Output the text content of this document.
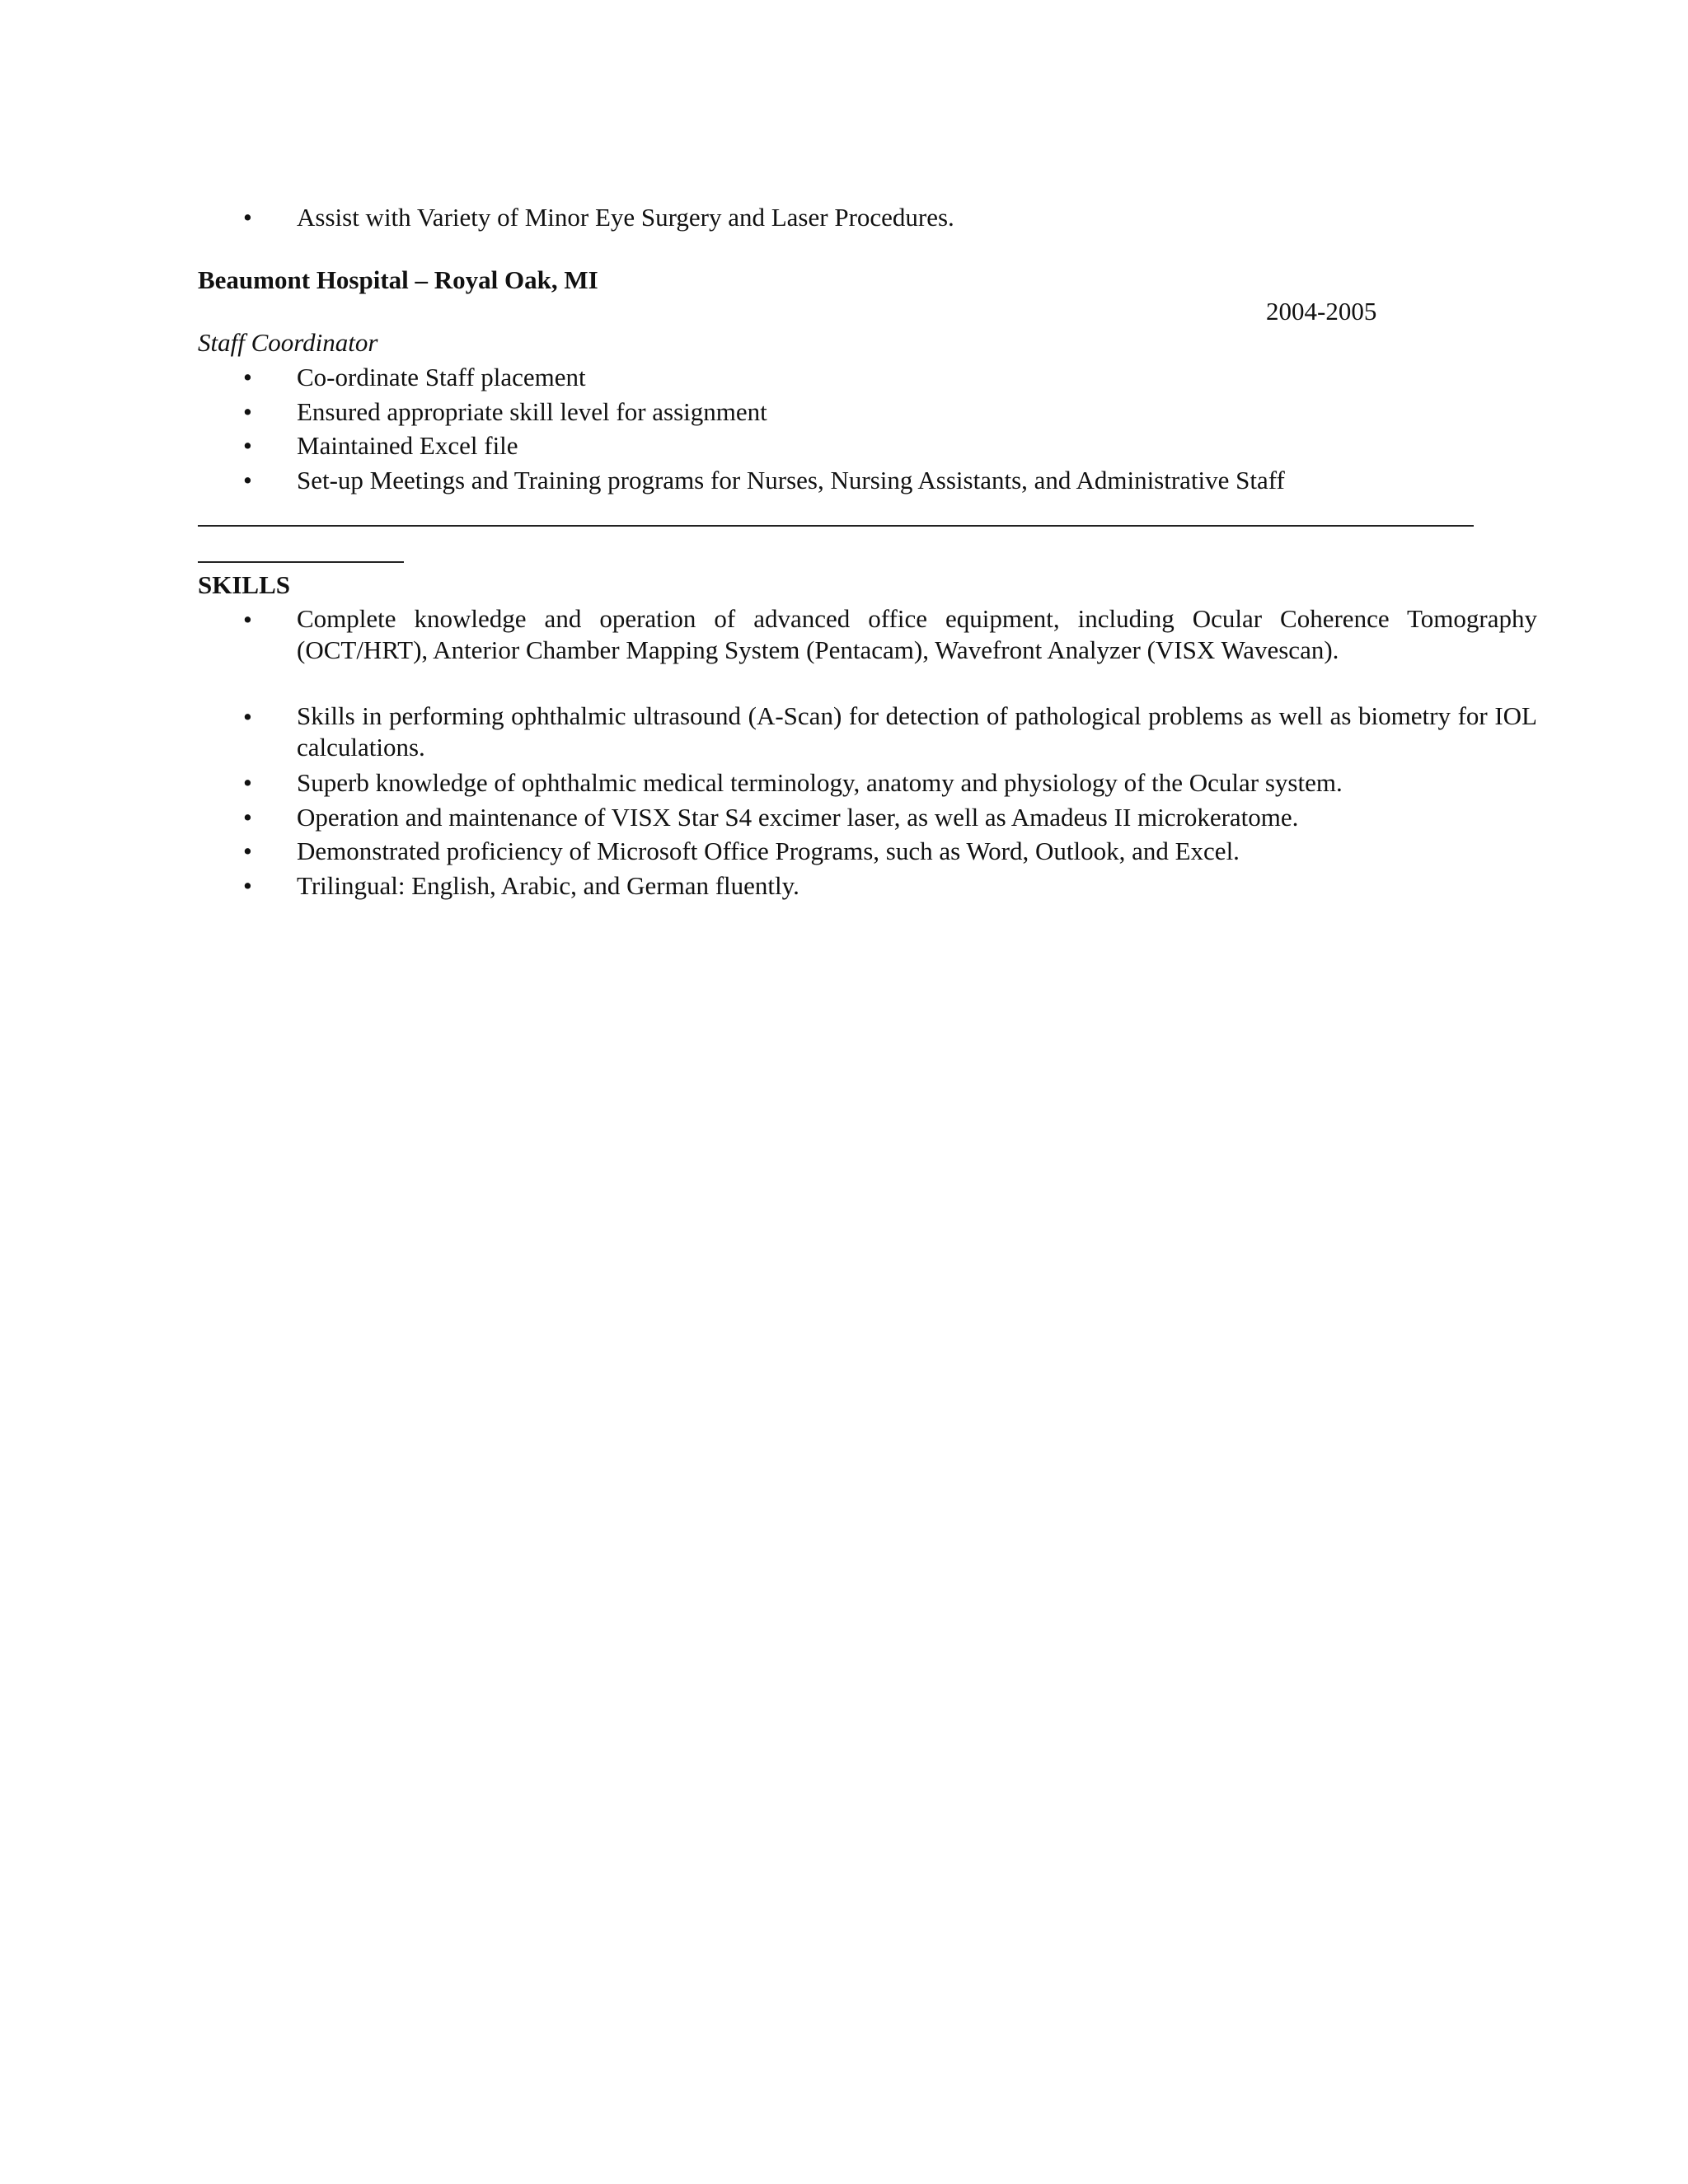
•	Assist with Variety of Minor Eye Surgery and Laser Procedures.
Beaumont Hospital – Royal Oak, MI
2004-2005
Staff Coordinator
•	Co-ordinate Staff placement
•	Ensured appropriate skill level for assignment
•	Maintained Excel file
•	Set-up Meetings and Training programs for Nurses, Nursing Assistants, and Administrative Staff
SKILLS
•	Complete knowledge and operation of advanced office equipment, including Ocular Coherence Tomography (OCT/HRT), Anterior Chamber Mapping System (Pentacam), Wavefront Analyzer (VISX Wavescan).
•	Skills in performing ophthalmic ultrasound (A-Scan) for detection of pathological problems as well as biometry for IOL calculations.
•	Superb knowledge of ophthalmic medical terminology, anatomy and physiology of the Ocular system.
•	Operation and maintenance of VISX Star S4 excimer laser, as well as Amadeus II microkeratome.
•	Demonstrated proficiency of Microsoft Office Programs, such as Word, Outlook, and Excel.
•	Trilingual: English, Arabic, and German fluently.
